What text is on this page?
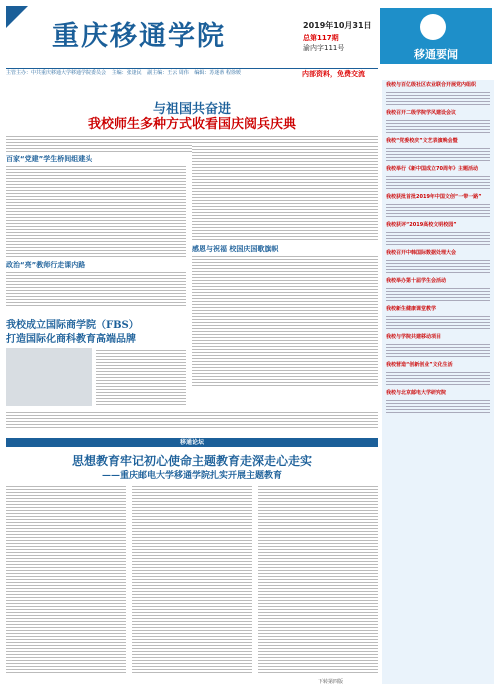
重庆移通学院	2019年10月31日
总第117期
渝内字111号	移通要闻
主管主办：中共重庆移通大学移通学院委员会 主编：张逢民 副主编：王云 周伟 编辑：苏迷蒂 程徐媛	内部资料，免费交流
与祖国共奋进
我校师生多种方式收看国庆阅兵庆典
百家“党建”学生桥间组建头
政治“亮”教师行走课内路
感恩与祝福 校国庆国歌旗帜
我校成立国际商学院（FBS）
打造国际化商科教育高端品牌
移通论坛
思想教育牢记初心使命主题教育走深走心走实
——重庆邮电大学移通学院扎实开展主题教育
下转第四版
我校与百亿级社区农业联合开展党内组织
我校召开二级学院学风建设会议
我校“党委校庆”文艺表演晚会暨
我校举行《新中国成立70周年》主题活动
我校获批首批2019年中国文创“一带一路”
我校获评“2019高校文明校园”
我校召开中韩国际数据处理大会
我校举办第十届学生会活动
我校新生健康课堂教学
我校与学院共建移动项目
我校营造“创新创业”文化生活
我校与北京邮电大学研究院
